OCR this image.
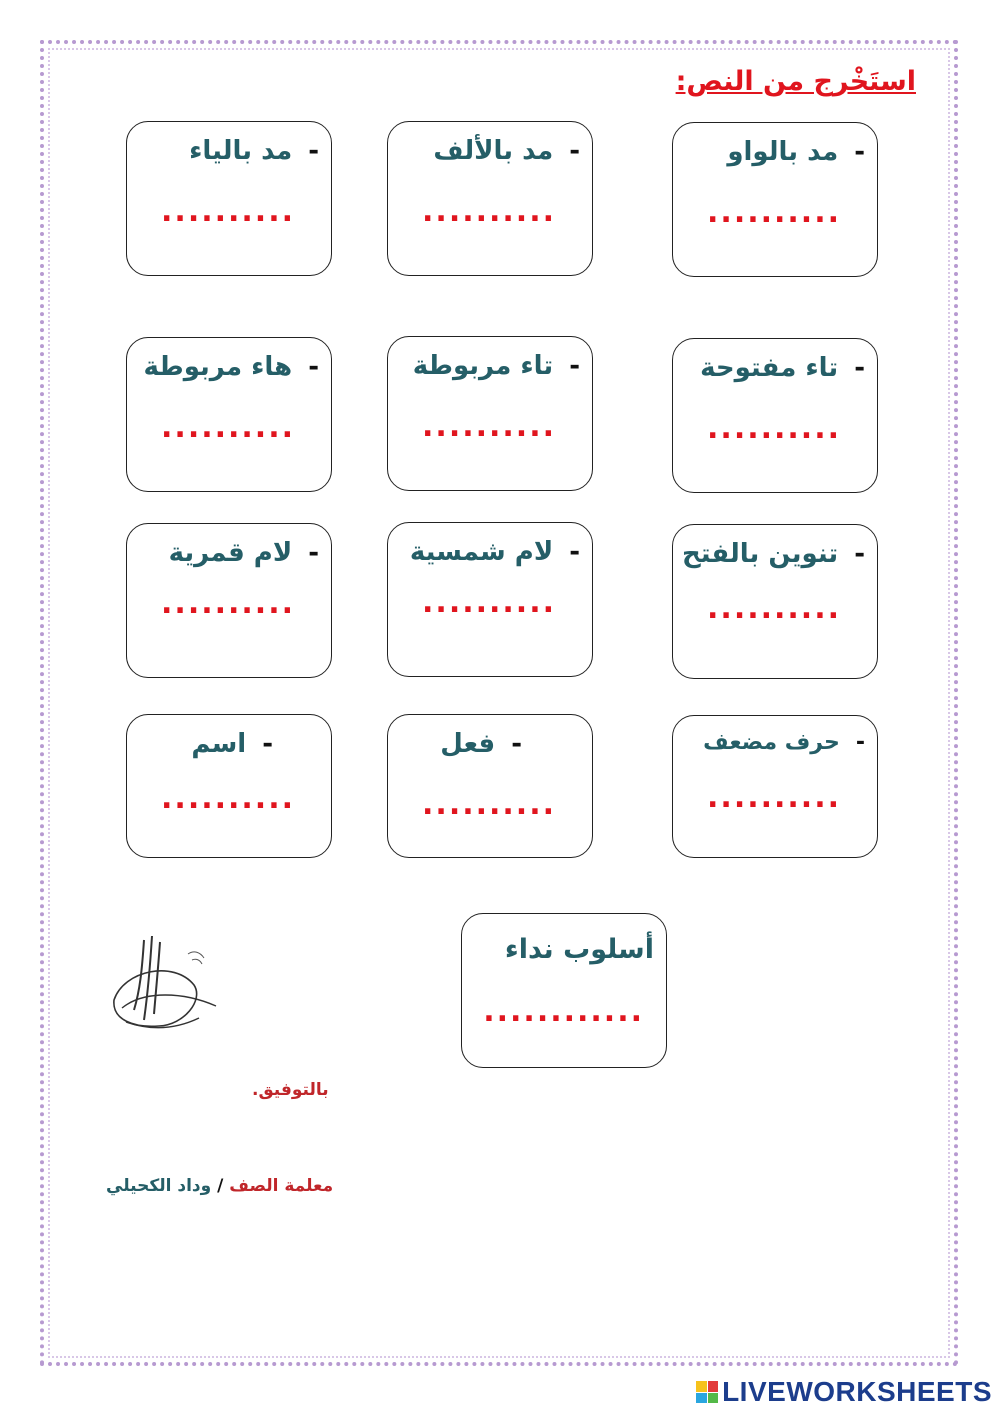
استَخْرج من النص:
-مد بالواو
..........
-مد بالألف
..........
-مد بالياء
..........
-تاء مفتوحة
..........
-تاء مربوطة
..........
-هاء مربوطة
..........
-تنوين بالفتح
..........
-لام شمسية
..........
-لام قمرية
..........
-حرف مضعف
..........
-فعل
..........
-اسم
..........
أسلوب نداء
............
بالتوفيق.
معلمة الصف / وداد الكحيلي
LIVEWORKSHEETS
